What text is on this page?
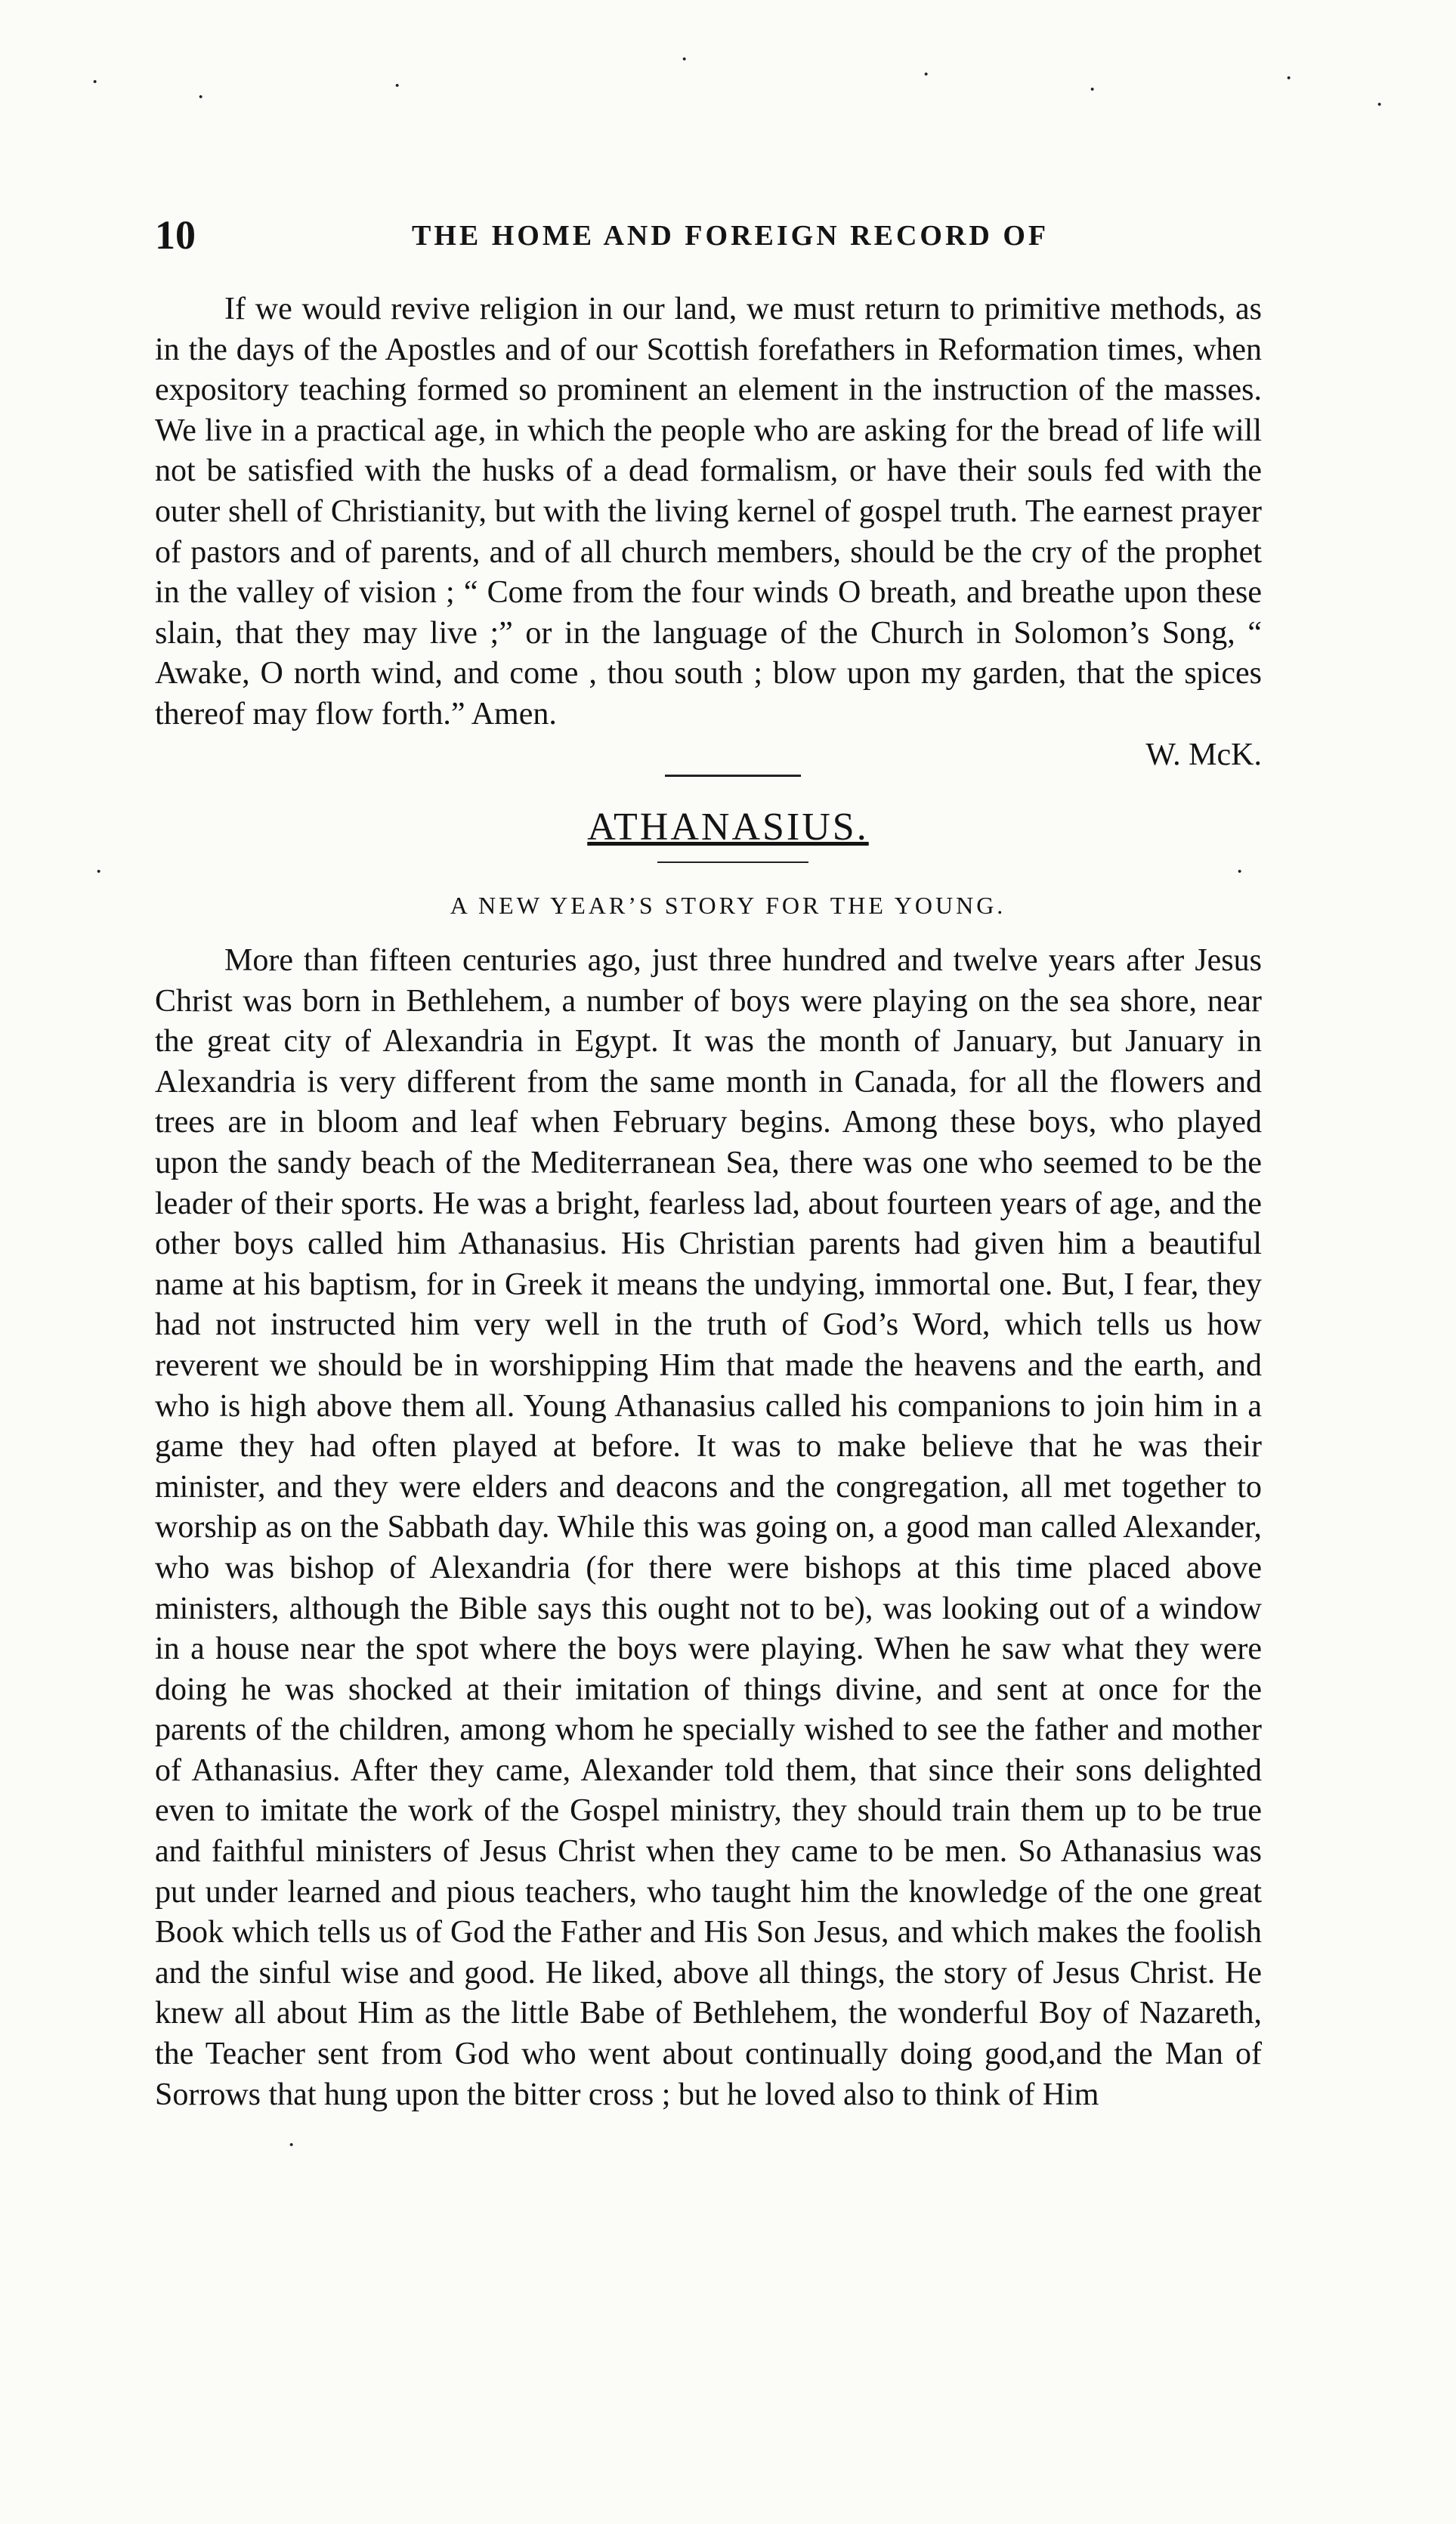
·
·	·
·
·
·	·
·
10	THE HOME AND FOREIGN RECORD OF

If we would revive religion in our land, we must return to primitive methods, as in the days of the Apostles and of our Scottish forefathers in Reformation times, when expository teaching formed so prominent an element in the instruction of the masses. We live in a practical age, in which the people who are asking for the bread of life will not be satisfied with the husks of a dead formalism, or have their souls fed with the outer shell of Christianity, but with the living kernel of gospel truth. The earnest prayer of pastors and of parents, and of all church members, should be the cry of the prophet in the valley of vision ; “ Come from the four winds O breath, and breathe upon these slain, that they may live ;” or in the language of the Church in Solomon’s Song, “ Awake, O north wind, and come , thou south ; blow upon my garden, that the spices thereof may flow forth.” Amen.

W. McK.
ATHANASIUS.
A NEW YEAR’S STORY FOR THE YOUNG.

More than fifteen centuries ago, just three hundred and twelve years after Jesus Christ was born in Bethlehem, a number of boys were playing on the sea shore, near the great city of Alexandria in Egypt. It was the month of January, but January in Alexandria is very different from the same month in Canada, for all the flowers and trees are in bloom and leaf when February begins. Among these boys, who played upon the sandy beach of the Mediterranean Sea, there was one who seemed to be the leader of their sports. He was a bright, fearless lad, about fourteen years of age, and the other boys called him Athanasius. His Christian parents had given him a beautiful name at his baptism, for in Greek it means the undying, immortal one. But, I fear, they had not instructed him very well in the truth of God’s Word, which tells us how reverent we should be in worshipping Him that made the heavens and the earth, and who is high above them all. Young Athanasius called his companions to join him in a game they had often played at before. It was to make believe that he was their minister, and they were elders and deacons and the congregation, all met together to worship as on the Sabbath day. While this was going on, a good man called Alexander, who was bishop of Alexandria (for there were bishops at this time placed above ministers, although the Bible says this ought not to be), was looking out of a window in a house near the spot where the boys were playing. When he saw what they were doing he was shocked at their imitation of things divine, and sent at once for the parents of the children, among whom he specially wished to see the father and mother of Athanasius. After they came, Alexander told them, that since their sons delighted even to imitate the work of the Gospel ministry, they should train them up to be true and faithful ministers of Jesus Christ when they came to be men. So Athanasius was put under learned and pious teachers, who taught him the knowledge of the one great Book which tells us of God the Father and His Son Jesus, and which makes the foolish and the sinful wise and good. He liked, above all things, the story of Jesus Christ. He knew all about Him as the little Babe of Bethlehem, the wonderful Boy of Nazareth, the Teacher sent from God who went about continually doing good,and the Man of Sorrows that hung upon the bitter cross ; but he loved also to think of Him

·	·
·
